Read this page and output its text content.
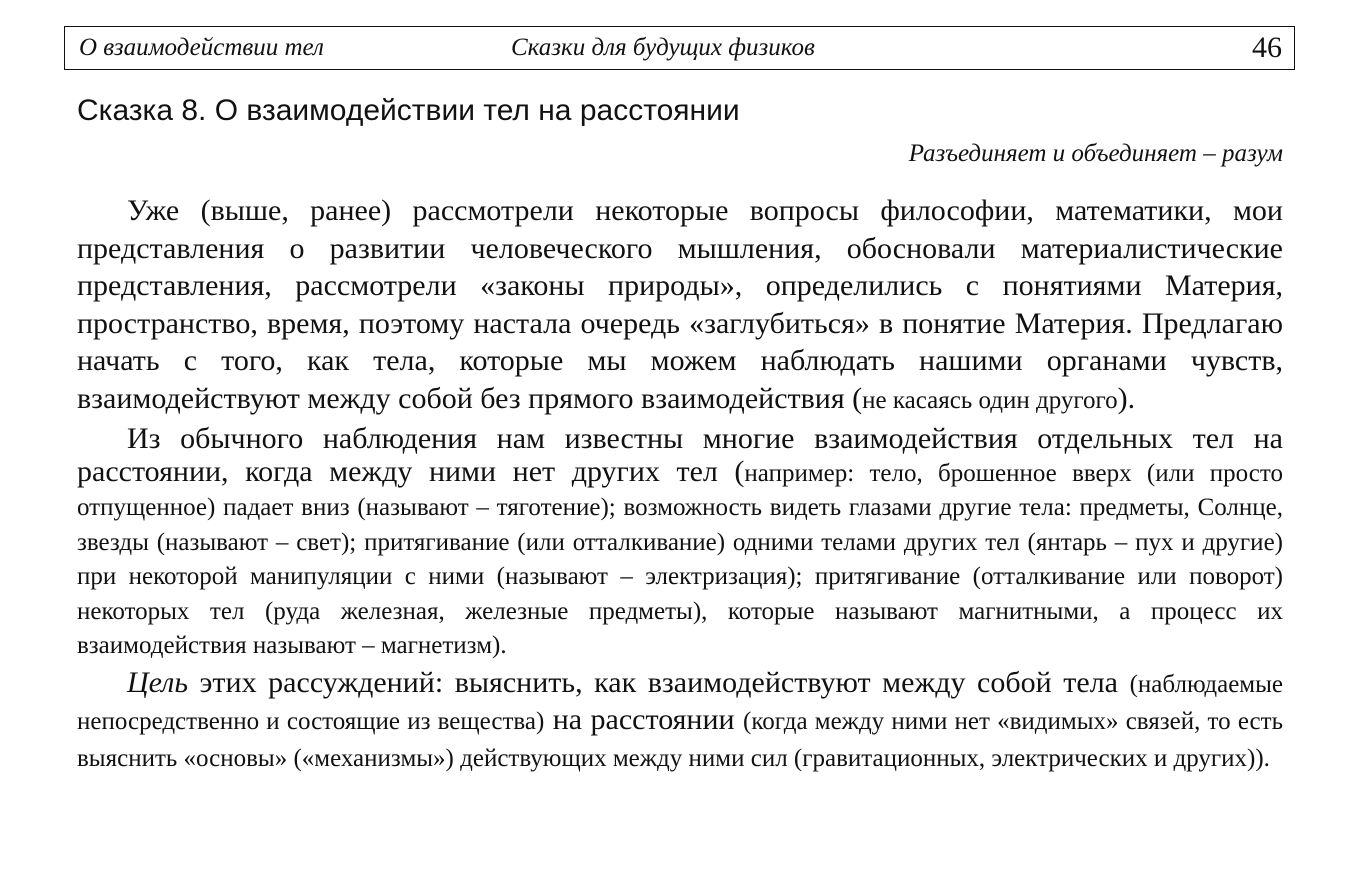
О взаимодействии тел	Сказки для будущих физиков	46
Сказка 8. О взаимодействии тел на расстоянии
Разъединяет и объединяет – разум

Уже (выше, ранее) рассмотрели некоторые вопросы философии, математики, мои представления о развитии человеческого мышления, обосновали материалистические представления, рассмотрели «законы природы», определились с понятиями Материя, пространство, время, поэтому настала очередь «заглубиться» в понятие Материя. Предлагаю начать с того, как тела, которые мы можем наблюдать нашими органами чувств, взаимодействуют между собой без прямого взаимодействия (не касаясь один другого).

Из обычного наблюдения нам известны многие взаимодействия отдельных тел на расстоянии, когда между ними нет других тел (например: тело, брошенное вверх (или просто отпущенное) падает вниз (называют – тяготение); возможность видеть глазами другие тела: предметы, Солнце, звезды (называют – свет); притягивание (или отталкивание) одними телами других тел (янтарь – пух и другие) при некоторой манипуляции с ними (называют – электризация); притягивание (отталкивание или поворот) некоторых тел (руда железная, железные предметы), которые называют магнитными, а процесс их взаимодействия называют – магнетизм).

Цель этих рассуждений: выяснить, как взаимодействуют между собой тела (наблюдаемые непосредственно и состоящие из вещества) на расстоянии (когда между ними нет «видимых» связей, то есть выяснить «основы» («механизмы») действующих между ними сил (гравитационных, электрических и других)).
